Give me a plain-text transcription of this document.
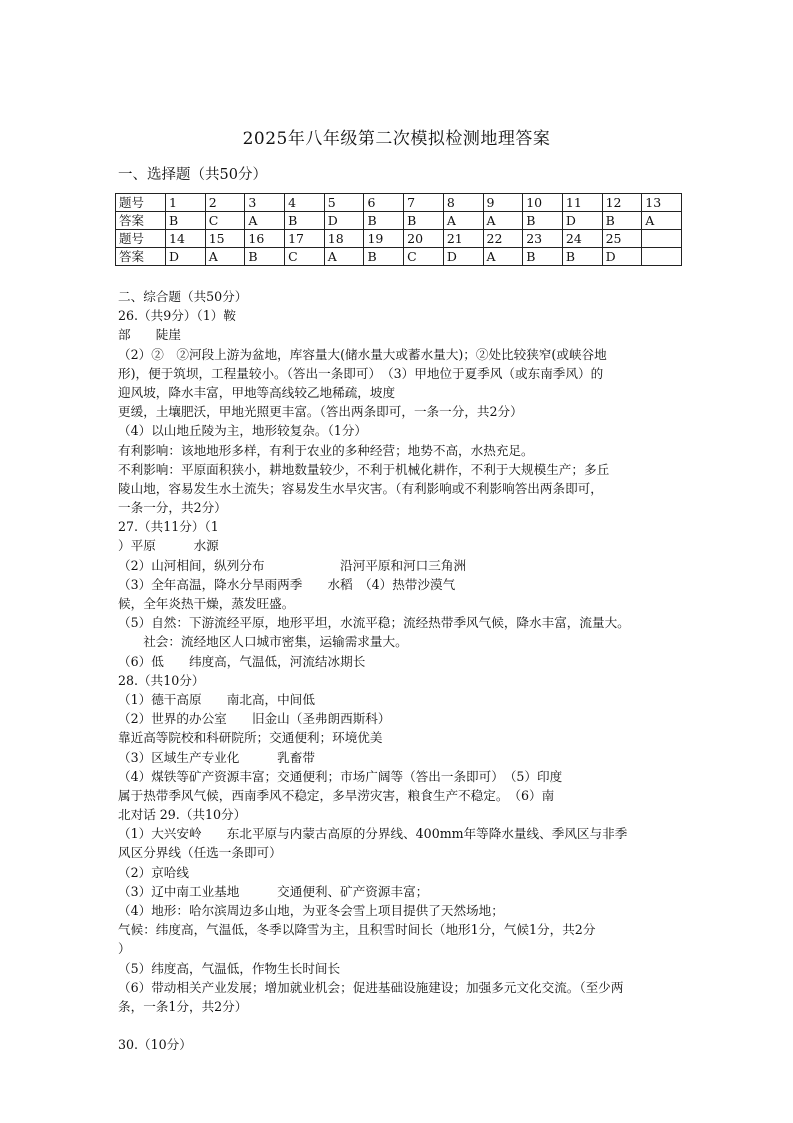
2025年八年级第二次模拟检测地理答案
一、选择题（共50分）
题号	1	2	3	4	5	6	7	8	9	10	11	12	13
答案	B	C	A	B	D	B	B	A	A	B	D	B	A
题号	14	15	16	17	18	19	20	21	22	23	24	25	
答案	D	A	B	C	A	B	C	D	A	B	B	D	
二、综合题（共50分）
26.（共9分）（1）鞍
部　　陡崖
（2）②　②河段上游为盆地，库容量大(储水量大或蓄水量大)；②处比较狭窄(或峡谷地
形)，便于筑坝，工程量较小。（答出一条即可）　（3）甲地位于夏季风（或东南季风）的
迎风坡，降水丰富，甲地等高线较乙地稀疏，坡度
更缓，土壤肥沃，甲地光照更丰富。（答出两条即可，一条一分，共2分）
（4）以山地丘陵为主，地形较复杂。（1分）
有利影响：该地地形多样，有利于农业的多种经营；地势不高，水热充足。
不利影响：平原面积狭小，耕地数量较少，不利于机械化耕作，不利于大规模生产；多丘
陵山地，容易发生水土流失；容易发生水旱灾害。（有利影响或不利影响答出两条即可，
一条一分，共2分）
27.（共11分）（1
）平原　　　水源
（2）山河相间，纵列分布　　　　　　沿河平原和河口三角洲
（3）全年高温，降水分旱雨两季　　水稻　（4）热带沙漠气
候，全年炎热干燥，蒸发旺盛。
（5）自然：下游流经平原，地形平坦，水流平稳；流经热带季风气候，降水丰富，流量大。
　　社会：流经地区人口城市密集，运输需求量大。
（6）低　　纬度高，气温低，河流结冰期长
28.（共10分）
（1）德干高原　　南北高，中间低
（2）世界的办公室　　旧金山（圣弗朗西斯科）
靠近高等院校和科研院所；交通便利；环境优美
（3）区域生产专业化　　　乳畜带
（4）煤铁等矿产资源丰富；交通便利；市场广阔等（答出一条即可）　（5）印度
属于热带季风气候，西南季风不稳定，多旱涝灾害，粮食生产不稳定。　（6）南
北对话 29.（共10分）
（1）大兴安岭　　东北平原与内蒙古高原的分界线、400mm年等降水量线、季风区与非季
风区分界线（任选一条即可）
（2）京哈线
（3）辽中南工业基地　　　交通便利、矿产资源丰富；
（4）地形：哈尔滨周边多山地，为亚冬会雪上项目提供了天然场地；
气候：纬度高，气温低，冬季以降雪为主，且积雪时间长（地形1分，气候1分，共2分
）
（5）纬度高，气温低，作物生长时间长
（6）带动相关产业发展；增加就业机会；促进基础设施建设；加强多元文化交流。（至少两
条，一条1分，共2分）
30.（10分）
